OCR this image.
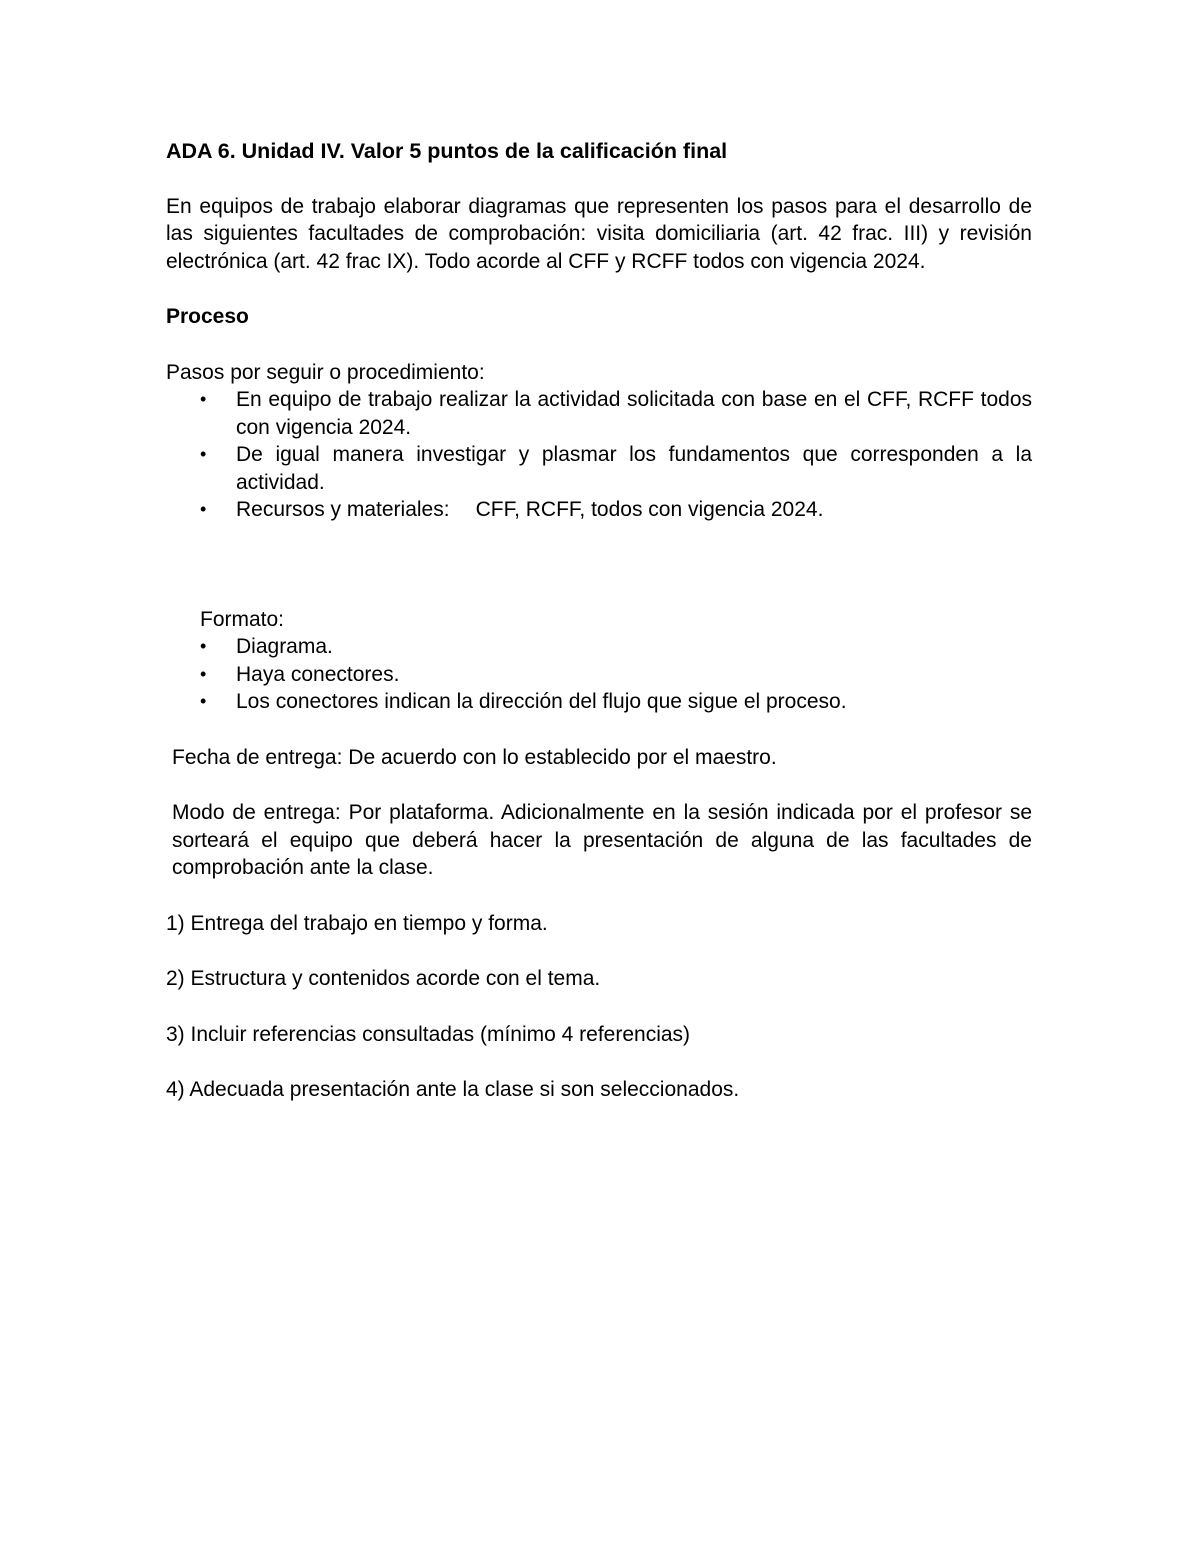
ADA 6. Unidad IV. Valor 5 puntos de la calificación final

En equipos de trabajo elaborar diagramas que representen los pasos para el desarrollo de las siguientes facultades de comprobación: visita domiciliaria (art. 42 frac. III) y revisión electrónica (art. 42 frac IX). Todo acorde al CFF y RCFF todos con vigencia 2024.

Proceso

Pasos por seguir o procedimiento:

• En equipo de trabajo realizar la actividad solicitada con base en el CFF, RCFF todos con vigencia 2024.
• De igual manera investigar y plasmar los fundamentos que corresponden a la actividad.
• Recursos y materiales: CFF, RCFF, todos con vigencia 2024.

Formato:

• Diagrama.
• Haya conectores.
• Los conectores indican la dirección del flujo que sigue el proceso.

Fecha de entrega: De acuerdo con lo establecido por el maestro.

Modo de entrega: Por plataforma. Adicionalmente en la sesión indicada por el profesor se sorteará el equipo que deberá hacer la presentación de alguna de las facultades de comprobación ante la clase.

1) Entrega del trabajo en tiempo y forma.

2) Estructura y contenidos acorde con el tema.

3) Incluir referencias consultadas (mínimo 4 referencias)

4) Adecuada presentación ante la clase si son seleccionados.
